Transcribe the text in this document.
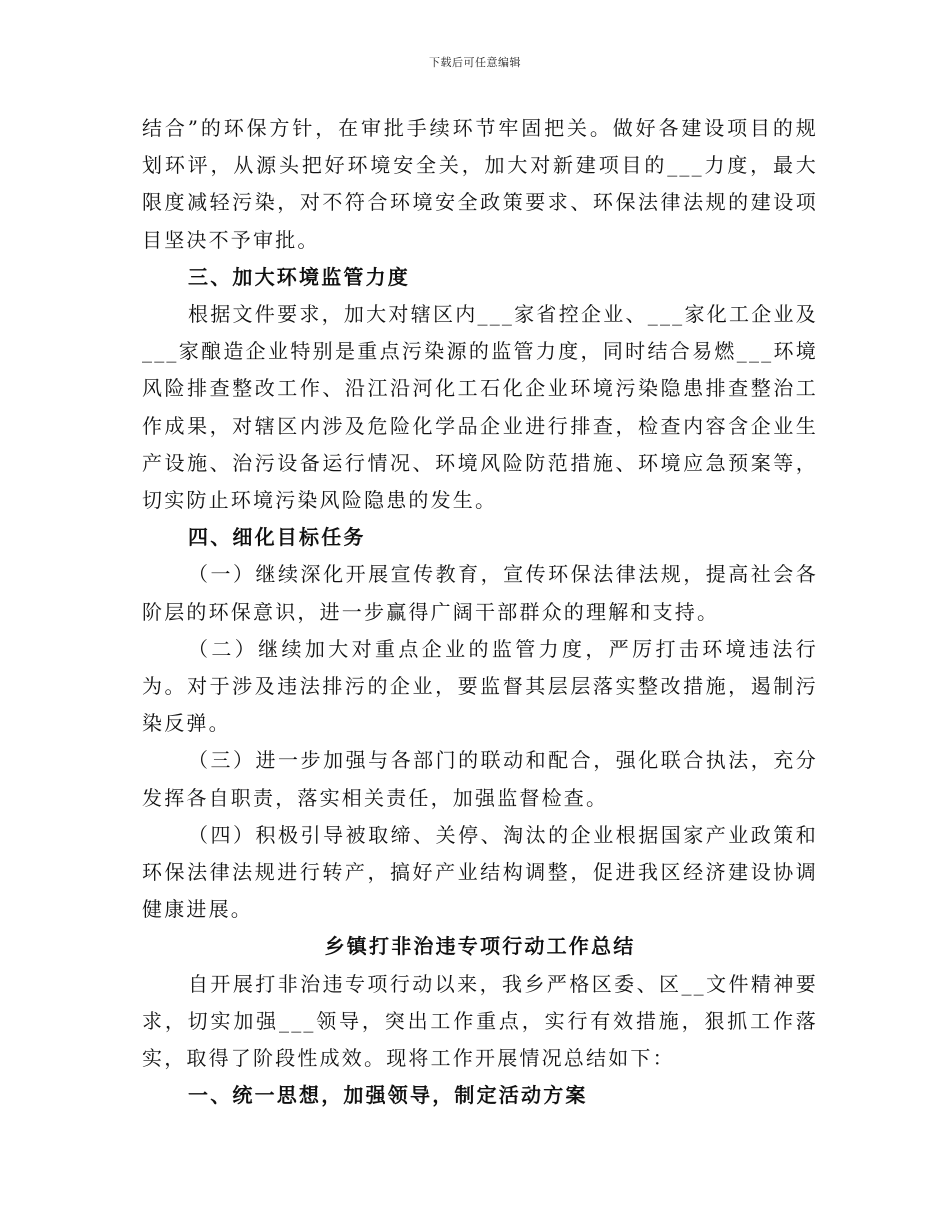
下载后可任意编辑

结合”的环保方针，在审批手续环节牢固把关。做好各建设项目的规划环评，从源头把好环境安全关，加大对新建项目的___力度，最大限度减轻污染，对不符合环境安全政策要求、环保法律法规的建设项目坚决不予审批。

三、加大环境监管力度

根据文件要求，加大对辖区内___家省控企业、___家化工企业及___家酿造企业特别是重点污染源的监管力度，同时结合易燃___环境风险排查整改工作、沿江沿河化工石化企业环境污染隐患排查整治工作成果，对辖区内涉及危险化学品企业进行排查，检查内容含企业生产设施、治污设备运行情况、环境风险防范措施、环境应急预案等，切实防止环境污染风险隐患的发生。

四、细化目标任务

（一）继续深化开展宣传教育，宣传环保法律法规，提高社会各阶层的环保意识，进一步赢得广阔干部群众的理解和支持。

（二）继续加大对重点企业的监管力度，严厉打击环境违法行为。对于涉及违法排污的企业，要监督其层层落实整改措施，遏制污染反弹。

（三）进一步加强与各部门的联动和配合，强化联合执法，充分发挥各自职责，落实相关责任，加强监督检查。

（四）积极引导被取缔、关停、淘汰的企业根据国家产业政策和环保法律法规进行转产，搞好产业结构调整，促进我区经济建设协调健康进展。

乡镇打非治违专项行动工作总结

自开展打非治违专项行动以来，我乡严格区委、区__文件精神要求，切实加强___领导，突出工作重点，实行有效措施，狠抓工作落实，取得了阶段性成效。现将工作开展情况总结如下：

一、统一思想，加强领导，制定活动方案
